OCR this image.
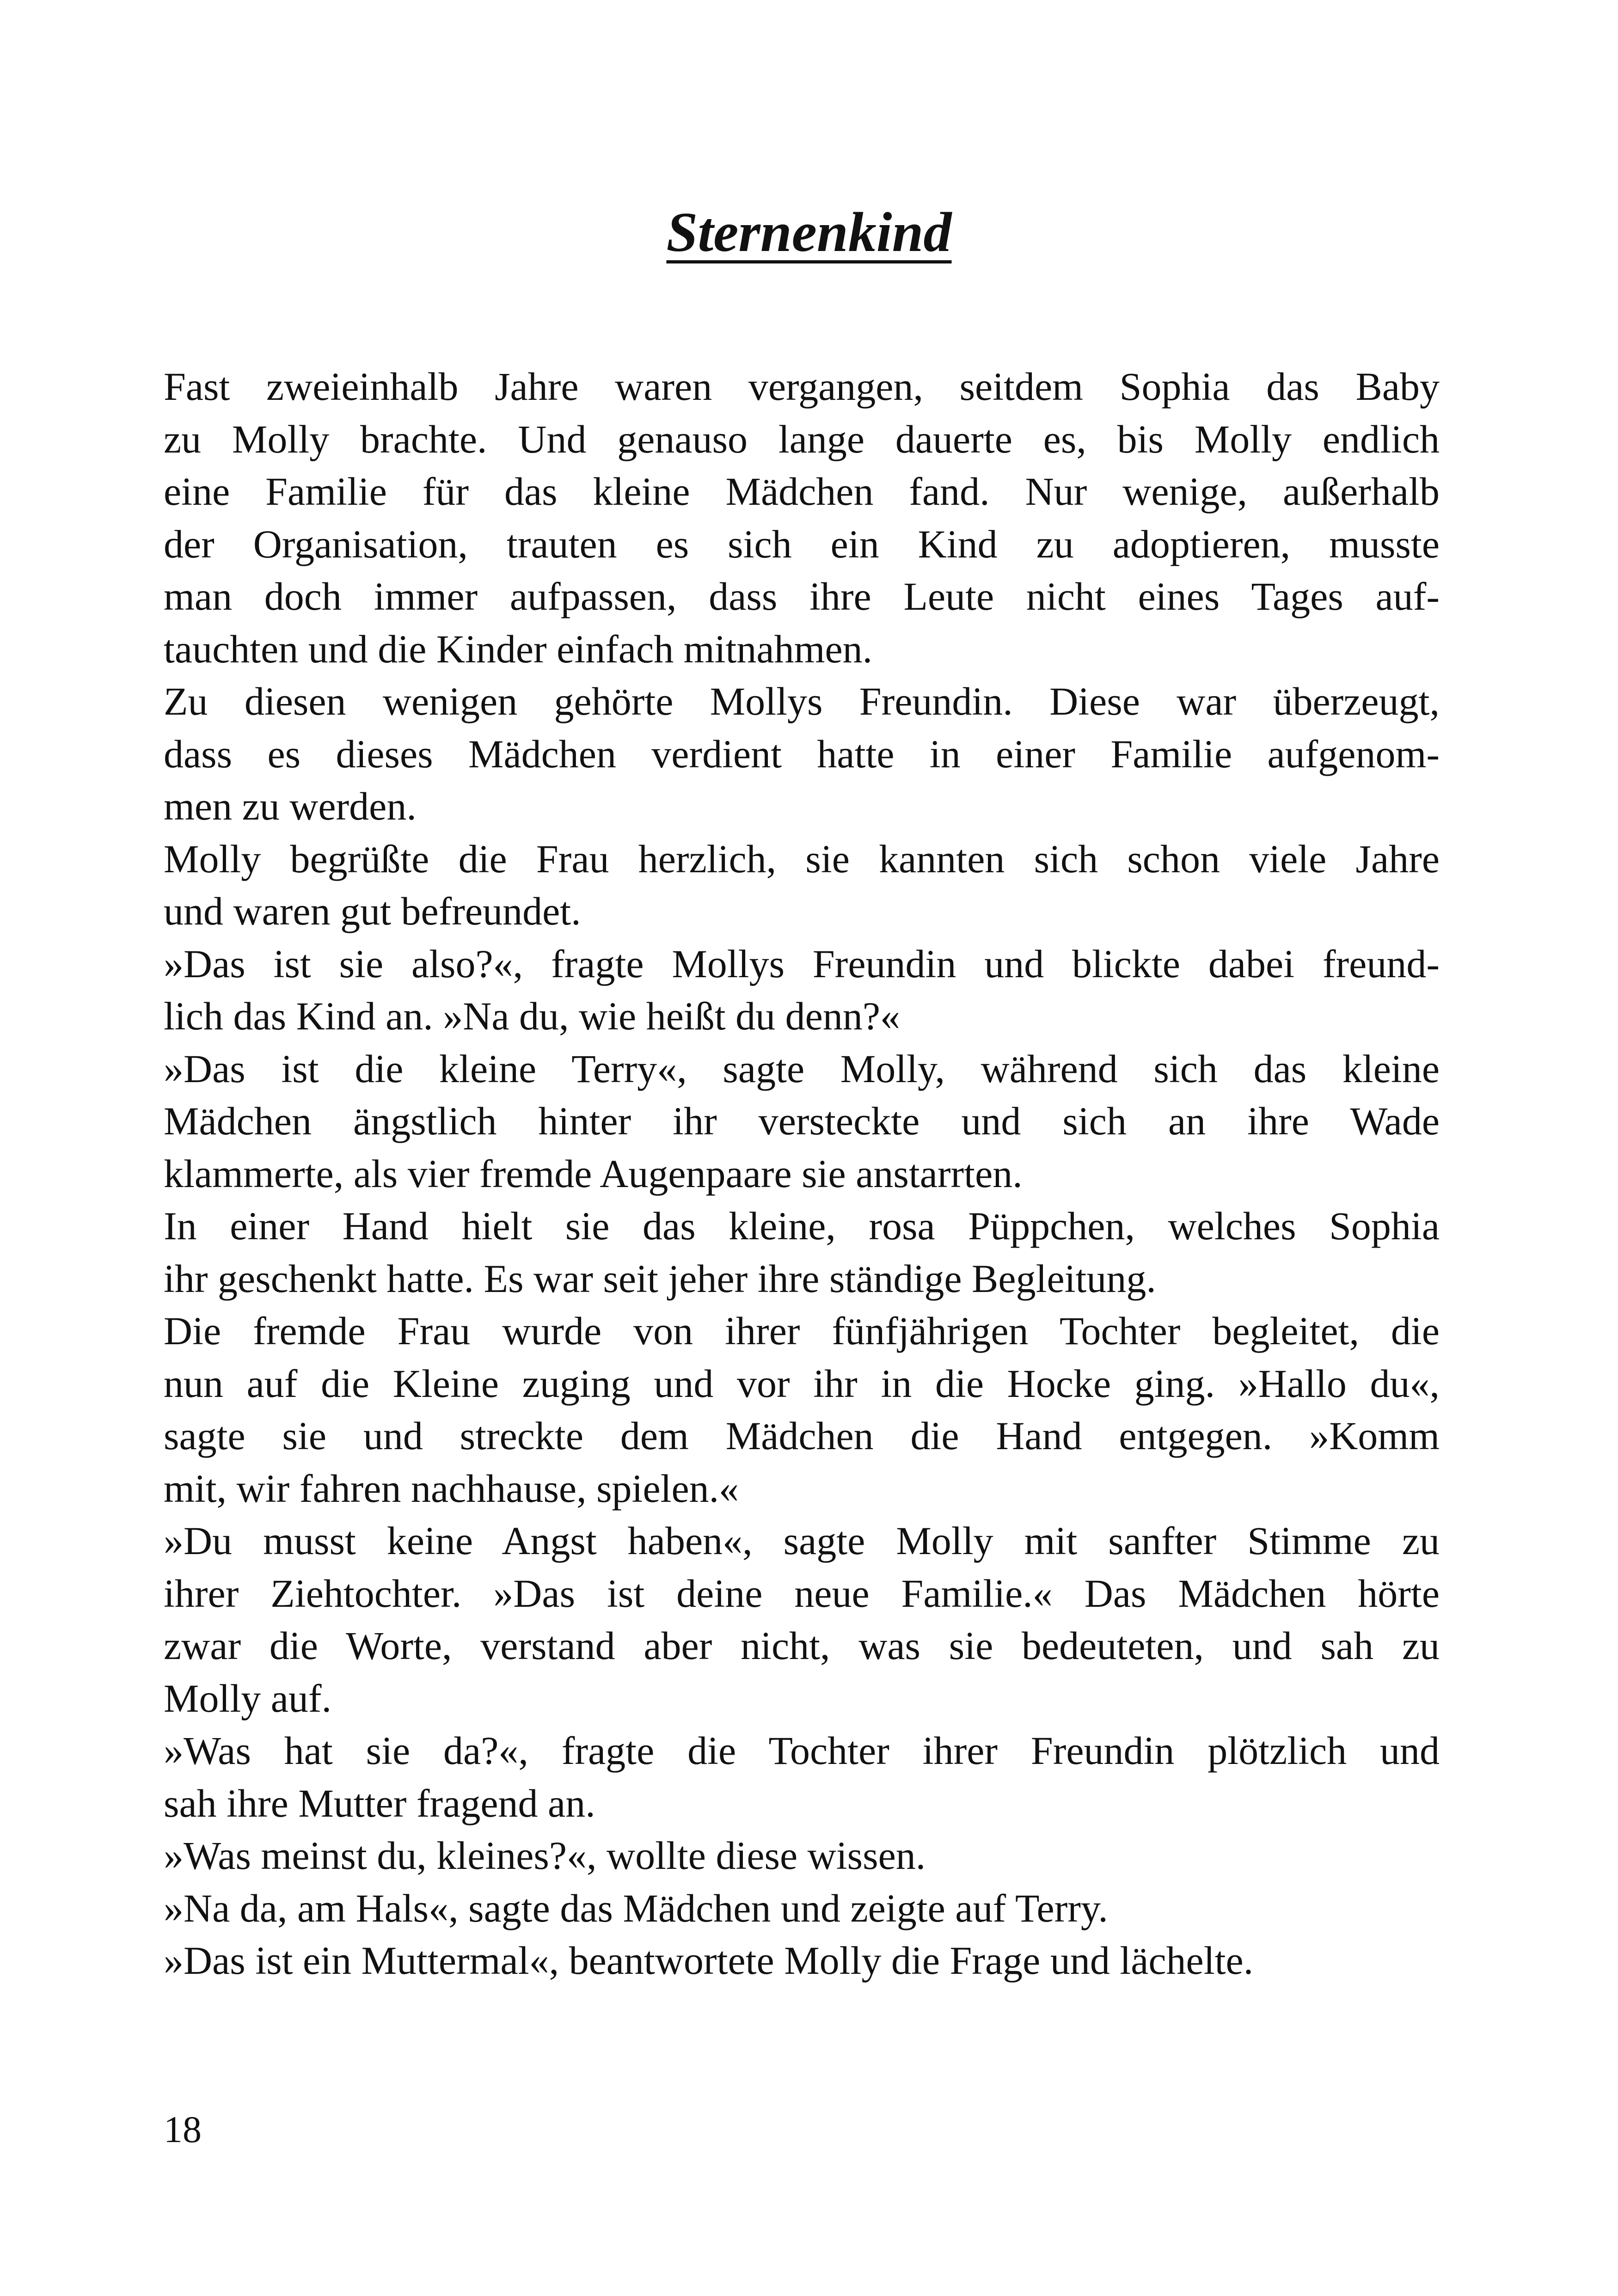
Sternenkind
Fast zweieinhalb Jahre waren vergangen, seitdem Sophia das Baby
zu Molly brachte. Und genauso lange dauerte es, bis Molly endlich
eine Familie für das kleine Mädchen fand. Nur wenige, außerhalb
der Organisation, trauten es sich ein Kind zu adoptieren, musste
man doch immer aufpassen, dass ihre Leute nicht eines Tages auf-
tauchten und die Kinder einfach mitnahmen.
Zu diesen wenigen gehörte Mollys Freundin. Diese war überzeugt,
dass es dieses Mädchen verdient hatte in einer Familie aufgenom-
men zu werden.
Molly begrüßte die Frau herzlich, sie kannten sich schon viele Jahre
und waren gut befreundet.
»Das ist sie also?«, fragte Mollys Freundin und blickte dabei freund-
lich das Kind an. »Na du, wie heißt du denn?«
»Das ist die kleine Terry«, sagte Molly, während sich das kleine
Mädchen ängstlich hinter ihr versteckte und sich an ihre Wade
klammerte, als vier fremde Augenpaare sie anstarrten.
In einer Hand hielt sie das kleine, rosa Püppchen, welches Sophia
ihr geschenkt hatte. Es war seit jeher ihre ständige Begleitung.
Die fremde Frau wurde von ihrer fünfjährigen Tochter begleitet, die
nun auf die Kleine zuging und vor ihr in die Hocke ging. »Hallo du«,
sagte sie und streckte dem Mädchen die Hand entgegen. »Komm
mit, wir fahren nachhause, spielen.«
»Du musst keine Angst haben«, sagte Molly mit sanfter Stimme zu
ihrer Ziehtochter. »Das ist deine neue Familie.« Das Mädchen hörte
zwar die Worte, verstand aber nicht, was sie bedeuteten, und sah zu
Molly auf.
»Was hat sie da?«, fragte die Tochter ihrer Freundin plötzlich und
sah ihre Mutter fragend an.
»Was meinst du, kleines?«, wollte diese wissen.
»Na da, am Hals«, sagte das Mädchen und zeigte auf Terry.
»Das ist ein Muttermal«, beantwortete Molly die Frage und lächelte.
18
